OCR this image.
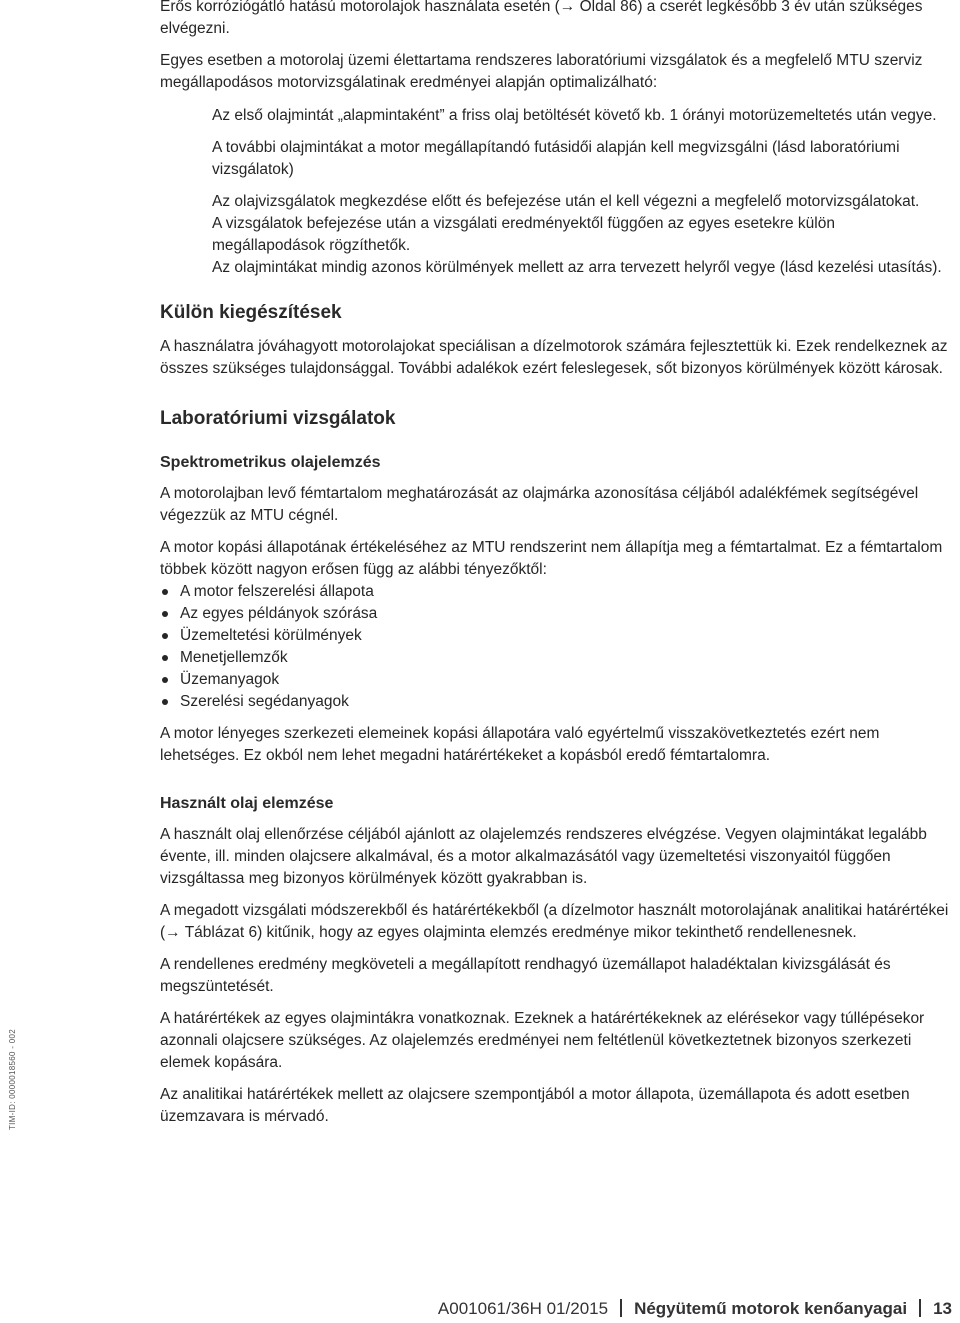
Erős korróziógátló hatású motorolajok használata esetén (→ Oldal 86) a cserét legkésőbb 3 év után szükséges elvégezni.

Egyes esetben a motorolaj üzemi élettartama rendszeres laboratóriumi vizsgálatok és a megfelelő MTU szerviz megállapodásos motorvizsgálatinak eredményei alapján optimalizálható:

Az első olajmintát „alapmintaként” a friss olaj betöltését követő kb. 1 órányi motorüzemeltetés után vegye.

A további olajmintákat a motor megállapítandó futásidői alapján kell megvizsgálni (lásd laboratóriumi vizsgálatok)

Az olajvizsgálatok megkezdése előtt és befejezése után el kell végezni a megfelelő motorvizsgálatokat.

A vizsgálatok befejezése után a vizsgálati eredményektől függően az egyes esetekre külön megállapodások rögzíthetők.

Az olajmintákat mindig azonos körülmények mellett az arra tervezett helyről vegye (lásd kezelési utasítás).

Külön kiegészítések

A használatra jóváhagyott motorolajokat speciálisan a dízelmotorok számára fejlesztettük ki. Ezek rendelkeznek az összes szükséges tulajdonsággal. További adalékok ezért feleslegesek, sőt bizonyos körülmények között károsak.

Laboratóriumi vizsgálatok
Spektrometrikus olajelemzés

A motorolajban levő fémtartalom meghatározását az olajmárka azonosítása céljából adalékfémek segítségével végezzük az MTU cégnél.

A motor kopási állapotának értékeléséhez az MTU rendszerint nem állapítja meg a fémtartalmat. Ez a fémtartalom többek között nagyon erősen függ az alábbi tényezőktől:

A motor felszerelési állapota
Az egyes példányok szórása
Üzemeltetési körülmények
Menetjellemzők
Üzemanyagok
Szerelési segédanyagok

A motor lényeges szerkezeti elemeinek kopási állapotára való egyértelmű visszakövetkeztetés ezért nem lehetséges. Ez okból nem lehet megadni határértékeket a kopásból eredő fémtartalomra.

Használt olaj elemzése

A használt olaj ellenőrzése céljából ajánlott az olajelemzés rendszeres elvégzése. Vegyen olajmintákat legalább évente, ill. minden olajcsere alkalmával, és a motor alkalmazásától vagy üzemeltetési viszonyaitól függően vizsgáltassa meg bizonyos körülmények között gyakrabban is.

A megadott vizsgálati módszerekből és határértékekből (a dízelmotor használt motorolajának analitikai határértékei (→ Táblázat 6) kitűnik, hogy az egyes olajminta elemzés eredménye mikor tekinthető rendellenesnek.

A rendellenes eredmény megköveteli a megállapított rendhagyó üzemállapot haladéktalan kivizsgálását és megszüntetését.

A határértékek az egyes olajmintákra vonatkoznak. Ezeknek a határértékeknek az elérésekor vagy túllépésekor azonnali olajcsere szükséges. Az olajelemzés eredményei nem feltétlenül következtetnek bizonyos szerkezeti elemek kopására.

Az analitikai határértékek mellett az olajcsere szempontjából a motor állapota, üzemállapota és adott esetben üzemzavara is mérvadó.

TIM-ID: 0000018560 - 002
A001061/36H 01/2015 Négyütemű motorok kenőanyagai 13
